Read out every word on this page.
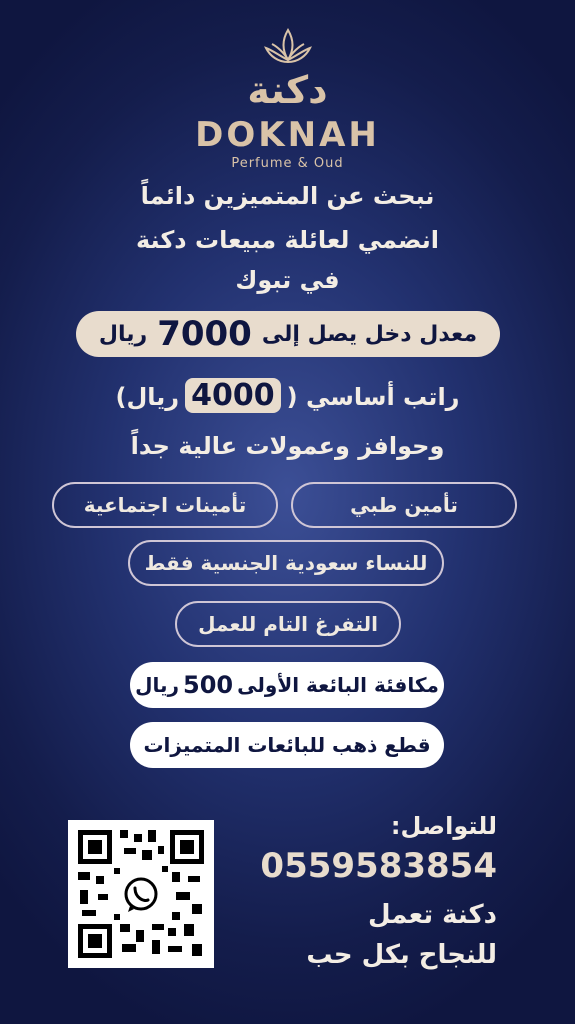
دكنة
DOKNAH
Perfume & Oud
نبحث عن المتميزين دائماً
انضمي لعائلة مبيعات دكنة
في تبوك
معدل دخل يصل إلى
7000
ريال
راتب أساسي (4000ريال)
وحوافز وعمولات عالية جداً
تأمين طبي
تأمينات اجتماعية
للنساء سعودية الجنسية فقط
التفرغ التام للعمل
مكافئة البائعة الأولى
500
ريال
قطع ذهب للبائعات المتميزات
للتواصل:
0559583854
دكنة تعمل
للنجاح بكل حب
